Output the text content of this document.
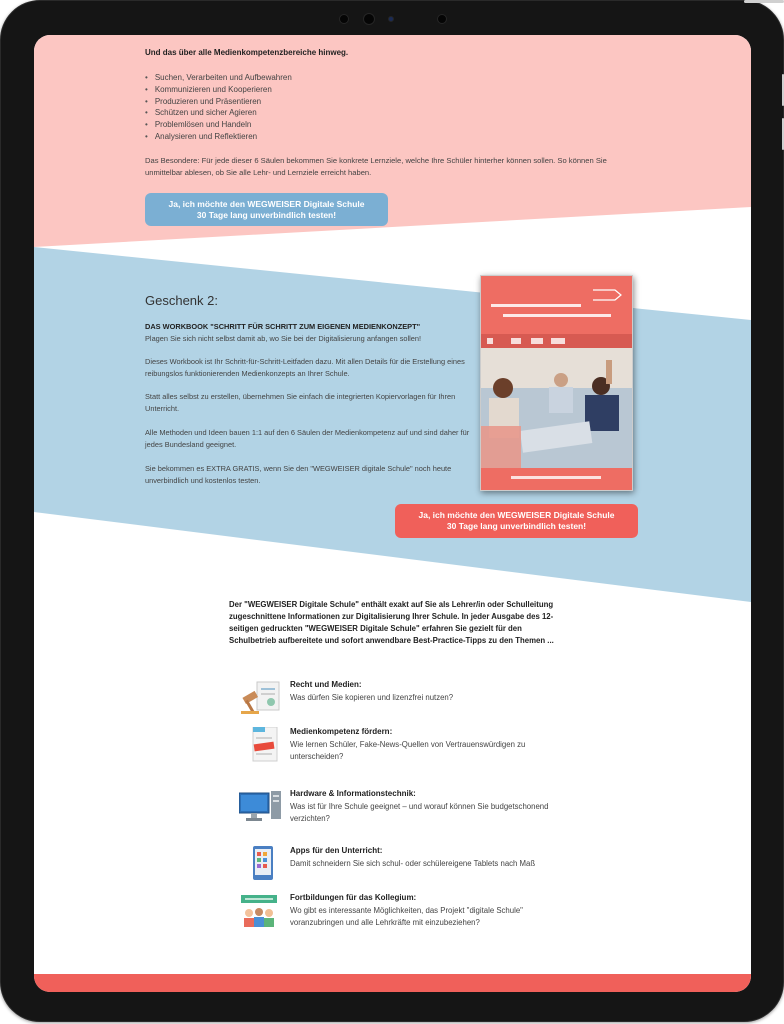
Und das über alle Medienkompetenzbereiche hinweg.
• Suchen, Verarbeiten und Aufbewahren
• Kommunizieren und Kooperieren
• Produzieren und Präsentieren
• Schützen und sicher Agieren
• Problemlösen und Handeln
• Analysieren und Reflektieren
Das Besondere: Für jede dieser 6 Säulen bekommen Sie konkrete Lernziele, welche Ihre Schüler hinterher können sollen. So können Sie unmittelbar ablesen, ob Sie alle Lehr- und Lernziele erreicht haben.
Ja, ich möchte den WEGWEISER Digitale Schule
30 Tage lang unverbindlich testen!
Geschenk 2:
DAS WORKBOOK "SCHRITT FÜR SCHRITT ZUM EIGENEN MEDIENKONZEPT"
Plagen Sie sich nicht selbst damit ab, wo Sie bei der Digitalisierung anfangen sollen!
Dieses Workbook ist Ihr Schritt-für-Schritt-Leitfaden dazu. Mit allen Details für die Erstellung eines reibungslos funktionierenden Medienkonzepts an Ihrer Schule.
Statt alles selbst zu erstellen, übernehmen Sie einfach die integrierten Kopiervorlagen für Ihren Unterricht.
Alle Methoden und Ideen bauen 1:1 auf den 6 Säulen der Medienkompetenz auf und sind daher für jedes Bundesland geeignet.
Sie bekommen es EXTRA GRATIS, wenn Sie den "WEGWEISER digitale Schule" noch heute unverbindlich und kostenlos testen.
Ja, ich möchte den WEGWEISER Digitale Schule
30 Tage lang unverbindlich testen!
Der "WEGWEISER Digitale Schule" enthält exakt auf Sie als Lehrer/in oder Schulleitung zugeschnittene Informationen zur Digitalisierung Ihrer Schule. In jeder Ausgabe des 12-seitigen gedruckten "WEGWEISER Digitale Schule" erfahren Sie gezielt für den Schulbetrieb aufbereitete und sofort anwendbare Best-Practice-Tipps zu den Themen ...
Recht und Medien:
Was dürfen Sie kopieren und lizenzfrei nutzen?
Medienkompetenz fördern:
Wie lernen Schüler, Fake-News-Quellen von Vertrauenswürdigen zu unterscheiden?
Hardware & Informationstechnik:
Was ist für Ihre Schule geeignet – und worauf können Sie budgetschonend verzichten?
Apps für den Unterricht:
Damit schneidern Sie sich schul- oder schülereigene Tablets nach Maß
Fortbildungen für das Kollegium:
Wo gibt es interessante Möglichkeiten, das Projekt "digitale Schule" voranzubringen und alle Lehrkräfte mit einzubeziehen?
